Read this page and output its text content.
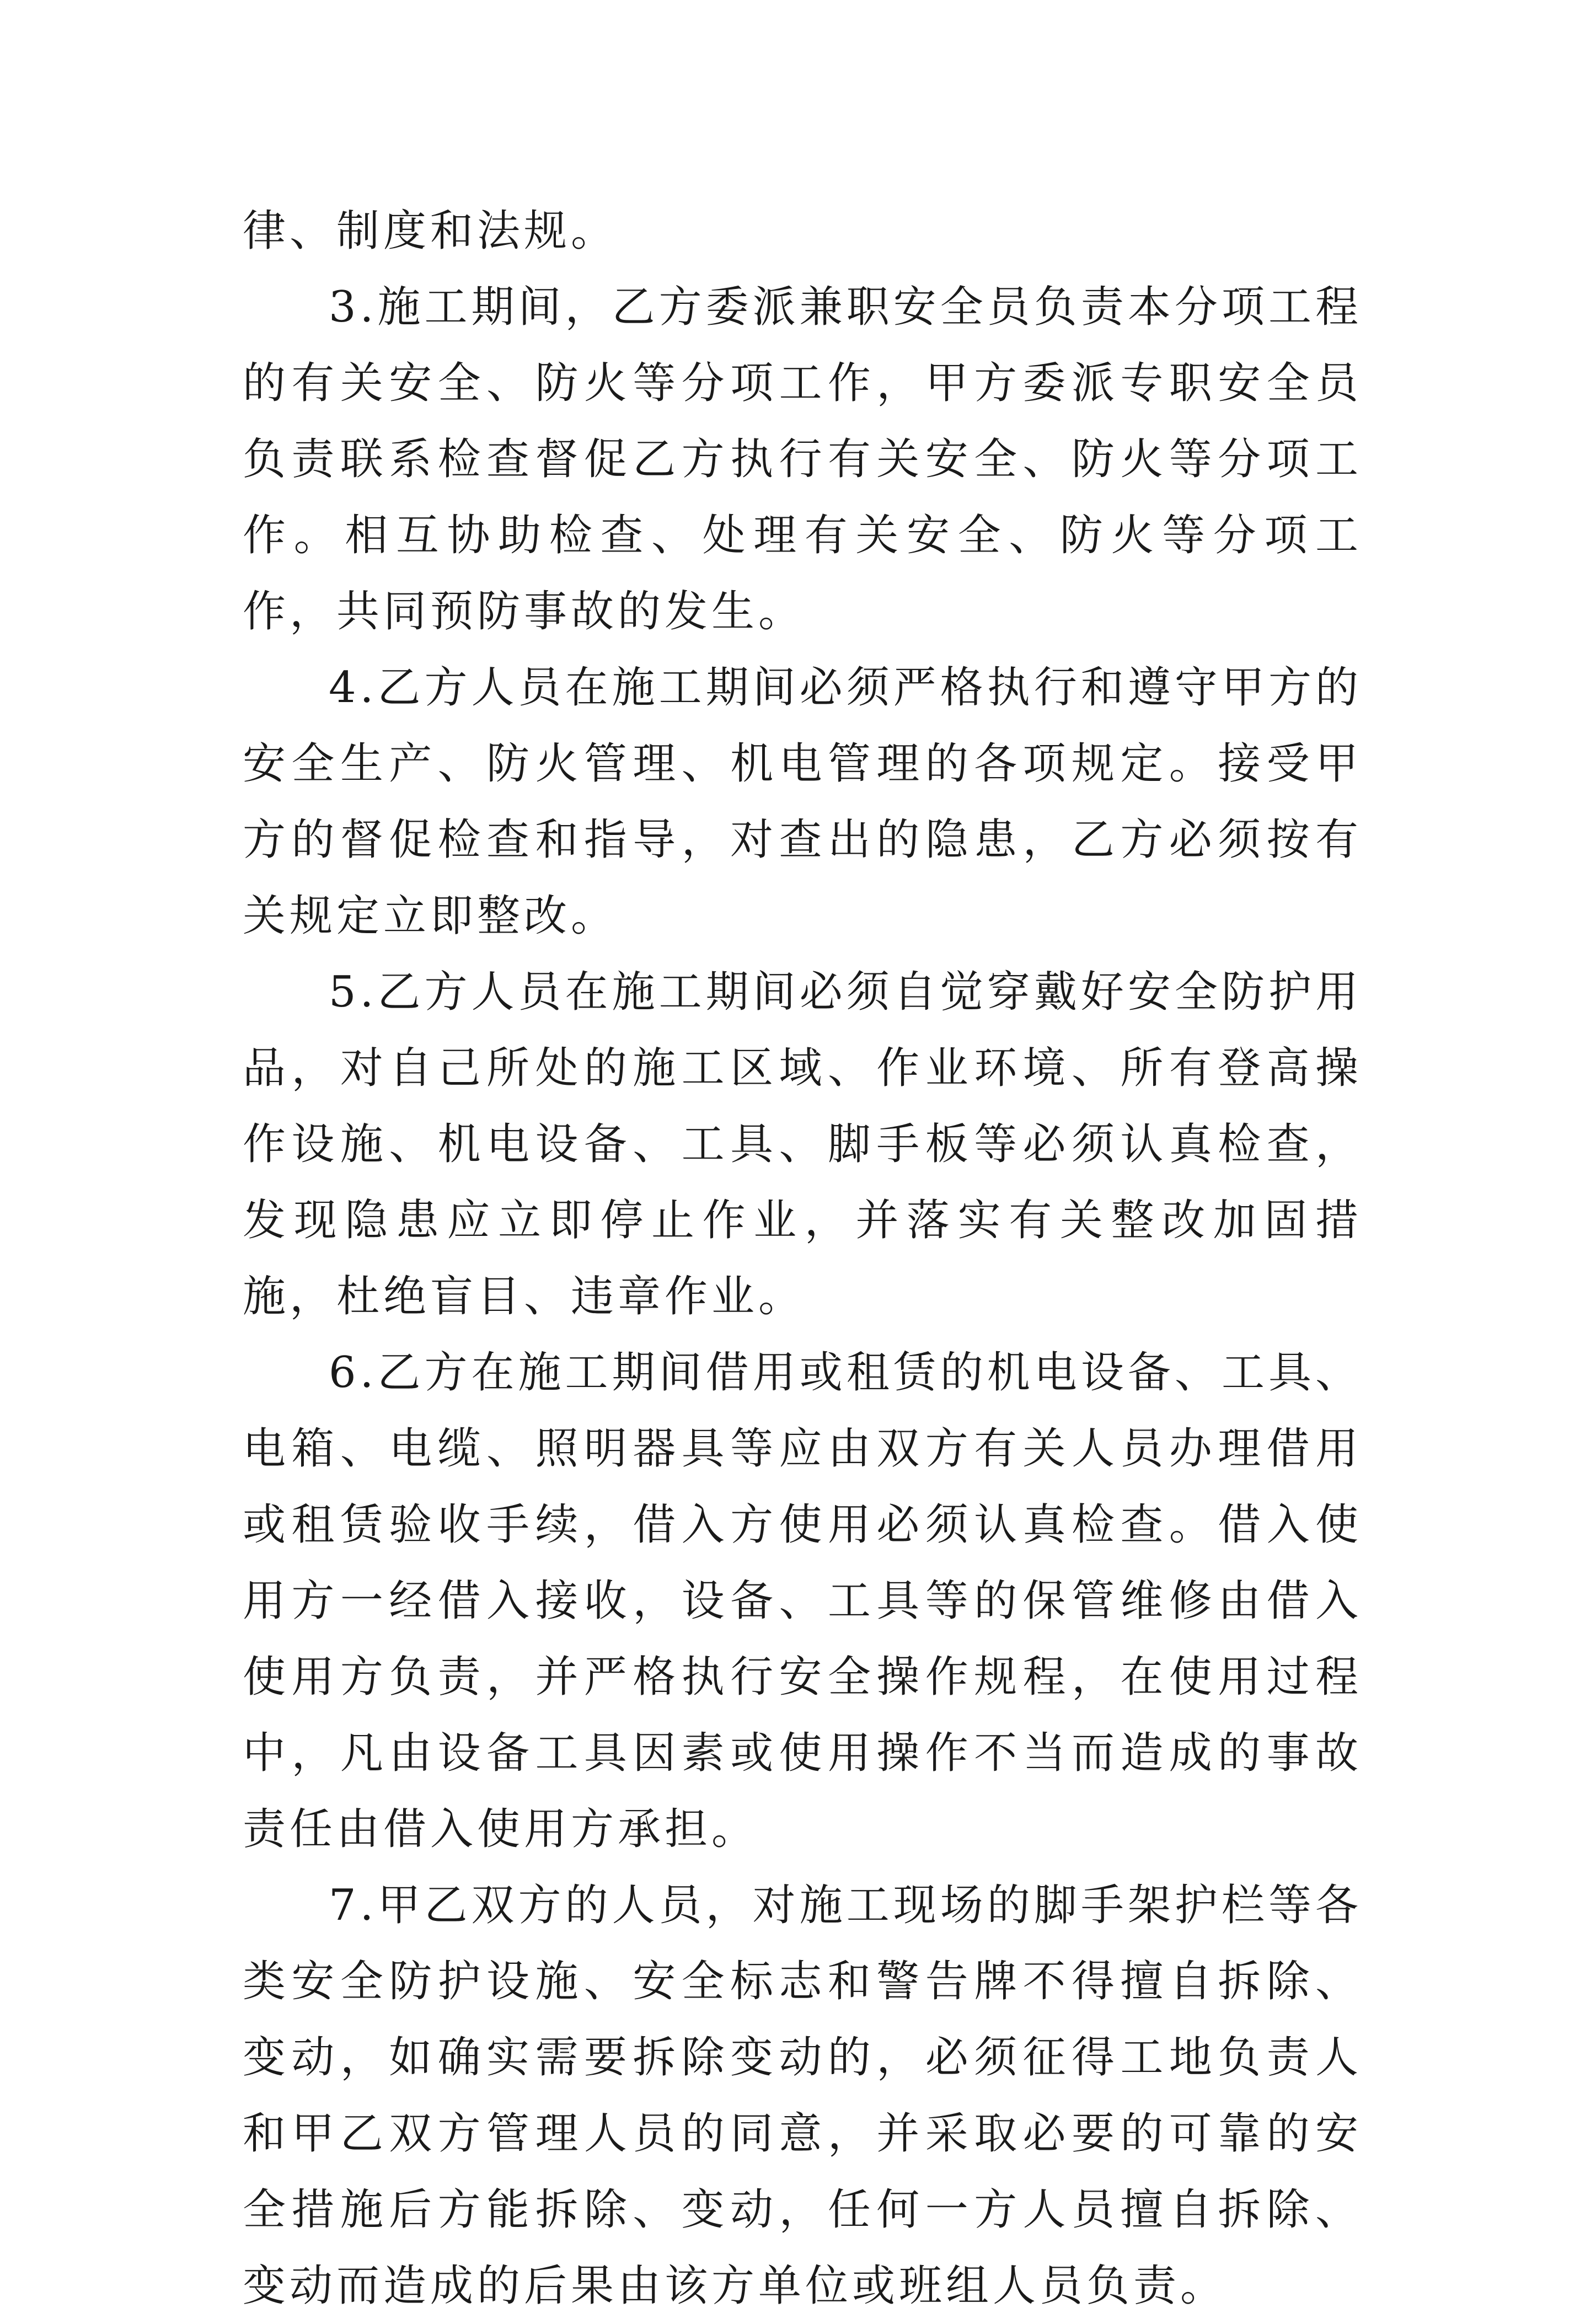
律、制度和法规。

3.施工期间，乙方委派兼职安全员负责本分项工程的有关安全、防火等分项工作，甲方委派专职安全员负责联系检查督促乙方执行有关安全、防火等分项工作。相互协助检查、处理有关安全、防火等分项工作，共同预防事故的发生。

4.乙方人员在施工期间必须严格执行和遵守甲方的安全生产、防火管理、机电管理的各项规定。接受甲方的督促检查和指导，对查出的隐患，乙方必须按有关规定立即整改。

5.乙方人员在施工期间必须自觉穿戴好安全防护用品，对自己所处的施工区域、作业环境、所有登高操作设施、机电设备、工具、脚手板等必须认真检查，发现隐患应立即停止作业，并落实有关整改加固措施，杜绝盲目、违章作业。

6.乙方在施工期间借用或租赁的机电设备、工具、电箱、电缆、照明器具等应由双方有关人员办理借用或租赁验收手续，借入方使用必须认真检查。借入使用方一经借入接收，设备、工具等的保管维修由借入使用方负责，并严格执行安全操作规程，在使用过程中，凡由设备工具因素或使用操作不当而造成的事故责任由借入使用方承担。

7.甲乙双方的人员，对施工现场的脚手架护栏等各类安全防护设施、安全标志和警告牌不得擅自拆除、变动，如确实需要拆除变动的，必须征得工地负责人和甲乙双方管理人员的同意，并采取必要的可靠的安全措施后方能拆除、变动，任何一方人员擅自拆除、变动而造成的后果由该方单位或班组人员负责。
